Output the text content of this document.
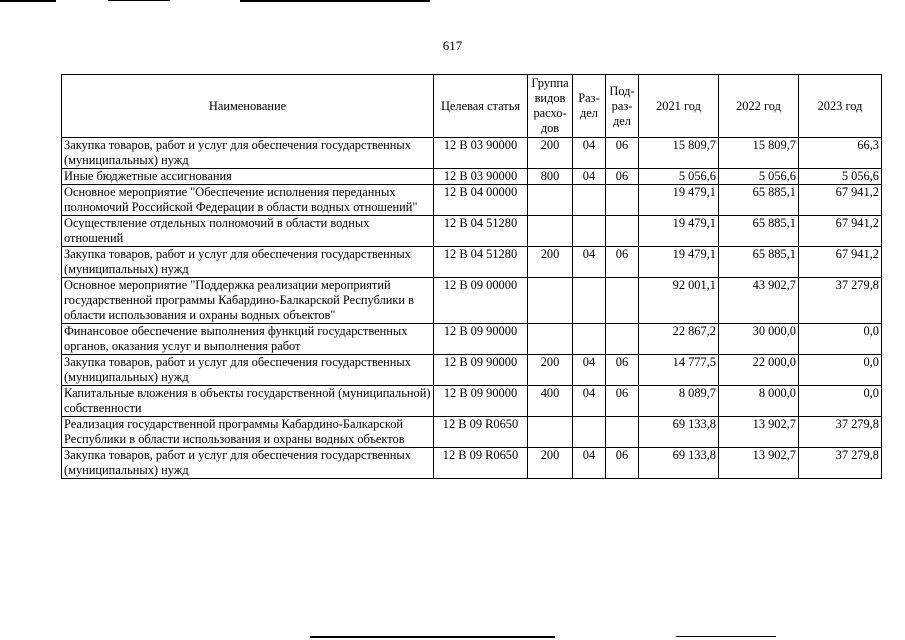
617
Наименование	Целевая статья	Группа видов расхо-дов	Раз-дел	Под-раз-дел	2021 год	2022 год	2023 год
Закупка товаров, работ и услуг для обеспечения государственных (муниципальных) нужд	12 В 03 90000	200	04	06	15 809,7	15 809,7	66,3
Иные бюджетные ассигнования	12 В 03 90000	800	04	06	5 056,6	5 056,6	5 056,6
Основное мероприятие "Обеспечение исполнения переданных полномочий Российской Федерации в области водных отношений"	12 В 04 00000				19 479,1	65 885,1	67 941,2
Осуществление отдельных полномочий в области водных отношений	12 В 04 51280				19 479,1	65 885,1	67 941,2
Закупка товаров, работ и услуг для обеспечения государственных (муниципальных) нужд	12 В 04 51280	200	04	06	19 479,1	65 885,1	67 941,2
Основное мероприятие "Поддержка реализации мероприятий государственной программы Кабардино-Балкарской Республики в области использования и охраны водных объектов"	12 В 09 00000				92 001,1	43 902,7	37 279,8
Финансовое обеспечение выполнения функций государственных органов, оказания услуг и выполнения работ	12 В 09 90000				22 867,2	30 000,0	0,0
Закупка товаров, работ и услуг для обеспечения государственных (муниципальных) нужд	12 В 09 90000	200	04	06	14 777,5	22 000,0	0,0
Капитальные вложения в объекты государственной (муниципальной) собственности	12 В 09 90000	400	04	06	8 089,7	8 000,0	0,0
Реализация государственной программы Кабардино-Балкарской Республики в области использования и охраны водных объектов	12 В 09 R0650				69 133,8	13 902,7	37 279,8
Закупка товаров, работ и услуг для обеспечения государственных (муниципальных) нужд	12 В 09 R0650	200	04	06	69 133,8	13 902,7	37 279,8
